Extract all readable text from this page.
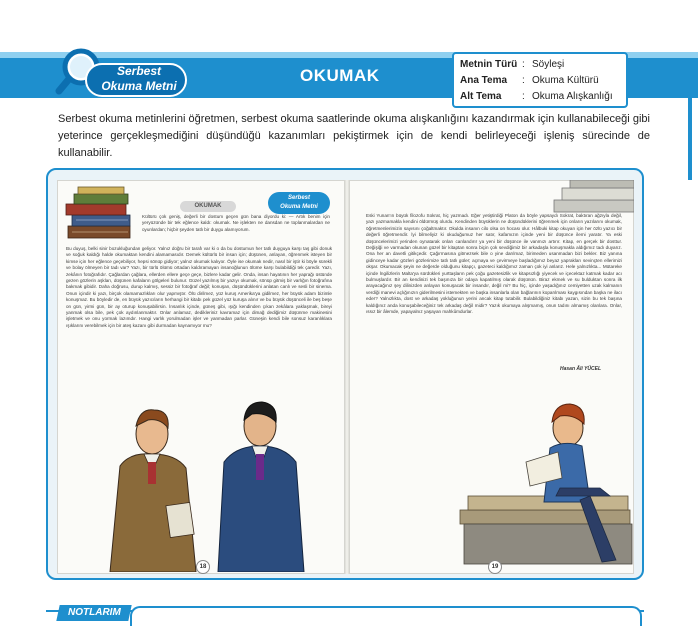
Serbest
Okuma Metni
OKUMAK
Metnin Türü : Söyleşi
Ana Tema	: Okuma Kültürü
Alt Tema	: Okuma Alışkanlığı

Serbest okuma metinlerini öğretmen, serbest okuma saatlerinde okuma alışkanlığını kazandırmak için kullanabileceği gibi yeterince gerçekleşmediğini düşündüğü kazanımları pekiştirmek için de kendi belirleyeceği işleniş sürecinde de kullanabilir.

OKUMAK
Serbest
Okuma Metni
Kültürü çok geniş, değerli bir dostum geçen gün bana diyordu ki: — Artık benim için yeryüzünde bir tek eğlence kaldı: okumak. Ne işlekten ne dansdan ne toplanmalardan ne oyunlardan; hiçbir şeyden tatlı bir duygu alamıyorum.
Bu duyuş, belki sinir bozukluğundan geliyor. Yalnız doğru bir tarafı var ki o da bu dostumun her tatlı duyguya karşı taş gibi donuk ve soğuk kaldığı halde okumaktan kendini alamamasıdır. Demek kültürlü bir insan için; düşünen, anlayan, öğrenmek isteyen bir kimse için her eğlence geçebiliyor, hepsi sönüp gidiyor; yalnız okumak kalıyor. Öyle ise okumak nedir, nasıl bir iştir ki böyle sürekli ve bolay ölmeyen bir tadı var? Yazı, bir türlü ölümü ortadan kaldıramayan insanoğlunun ölüme karşı bulabildiği tek çaredir. Yazı, zekânın fotoğrafıdır. Çağlardan çağlara, ellerden ellere geçe geçe, bizlere kadar gelir. Onda, insan hayatının her yaprağı üstünde gezen gözlerin aşkları, düşünen kafaların gölgeleri bulunur. Güzel yazılmış bir yazıyı okumak, sönüp gitmiş bir varlığın fotoğrafına bakmak gibidir. Daha doğrusu, durup kalmış, sessiz bir fotoğraf değil; konuşan, düşündüklerini anlatan canlı ve sesli bir sinema. Onun içindir ki yazı, birçok olamamazlıkları olur yapmıştır. Ölü dirilmez, yüz kuruş Amerika'ya gidilmez, her büyük adam bizimle konuşmaz. Bu böyledir de, en büyük yazıcıların herhangi bir kitabı pek güzel yüz kuruşa alınır ve bu büyük düşünceli ile beş beşe on gün, yirmi gün, bir ay oturup konuşabilirsin. İnsanlık içinde, güneş gibi, ışığı kendinden çıkan zekâlara yaklaşmak, bireyi yanmak olsa bile, pek çok aydınlanmaktır. Onlar anlamaz, dedikleriniz kavramaz için dimağ dediğimiz düşünme makinesini işletmek ve onu yormak lazımdır. Hangi varlık yorulmadan işler ve yanmadan parlar. Güneşin kendi bile sonsuz karanlıklara ışıklarını verebilmek için bir ateş kazanı gibi durmadan kaynamıyor mu?
Eski Yunan'ın büyük filozofu Sokrat, hiç yazmadı. Eğer yetiştirdiği Platon da böyle yapsaydı Sokrat, baktıran ağzıyla değil, yazı yazmamakla kendini öldürmüş olurdu. Kendinden büyüklerin ne düşündüklerini öğrenmek için onların yazılarını okumak, öğretmenlerimizin sayısını çoğaltmaktır. Okulda insanın cilo olsa on hocası olur. Hâlbuki kitap okuyan için her özlü yazıcı bir değerli öğretmendir. İyi bilmeliyiz ki okuduğumuz her satır, kafamızın içinde yeni bir düşünce ilemi yaratır. Ya eski düşüncelerimizi yerinden oynatarak onları canlandırır ya yeni bir düşünce ile vanmızı artırır. Kitap, en gerçek bir dosttur. Değişiği ve varmadan okunan güzel bir kitaptan sonra biçin çok sevdiğimiz bir arkadaşla konuşmakla aldığımız tadı duyarız. Ona her an davetli gitikçedir. Çağırmasına gitmezsek bile o yine darılmaz, birimeden usanmadan bizi bekler. Biz yanına gidinceye kadar gözleri gözlerimize tatlı tatlı güler; açmaya ve çevirmeye başladığımız beyaz yaprakları sevinçten ellerimizi okşar. Okumacak şeyin ne değerde olduğunu kitapçı, gazeteci kaldığımız zaman çok iyi anlarız. Hele yalnızlıkta... Mütareke içinde İngilizlerin Malta'ya sürdükleri yurttaşların pek çoğu gazetesizlik ve kitapsızlığı yiyecek ve içecektaz katmak kadar acı bulmuşlardır. Bir an kendinizi tek başınıza bir odaya kapatılmış olarak düşünün. Biraz ekmek ve su bulduktan sonra ilk arayacağınız şey dilinizden anlayan konuşacak bir insandır, değil mi? Bu hiç, içinde yaşadığınız cemiyetten uzak kalmanın verdiği manevi açlığınızın giderilmesini istemekten ve başka insanlarla olan bağlarının koparılması kaygısından başka ne ilacı eder? Yalnızlıkta, dost ve arkadaş yokluğunun yerini ancak kitap tutabilir. Bulabildiğiniz kitabı yazan, sizin bu tek başına kaldığınız anda konuşabileceğiniz tek arkadaş değil midir? Yazık okumaya alışmamış, onun tadını almamış olanlara. Onlar, ıssız bir âlemde, yapayalnız yaşayan mahkûmdurlar.
Hasan Âli YÜCEL
18	19
NOTLARIM
